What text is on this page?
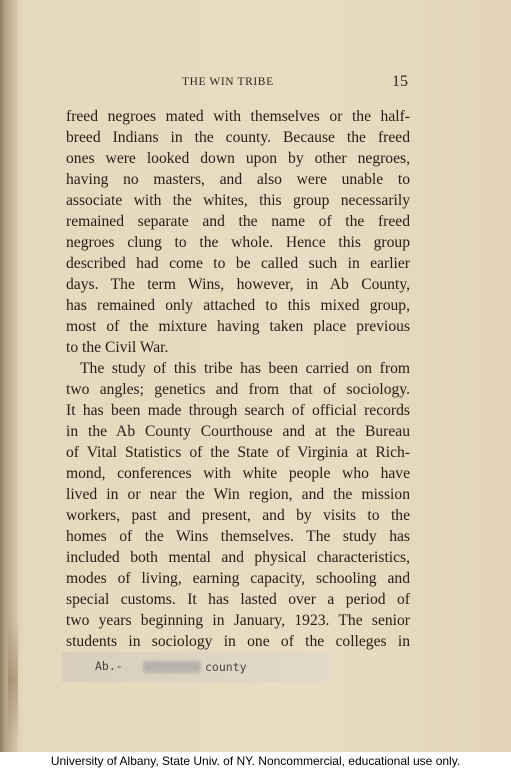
THE WIN TRIBE	15

freed negroes mated with themselves or the half-
breed Indians in the county. Because the freed
ones were looked down upon by other negroes,
having no masters, and also were unable to
associate with the whites, this group necessarily
remained separate and the name of the freed
negroes clung to the whole. Hence this group
described had come to be called such in earlier
days. The term Wins, however, in Ab County,
has remained only attached to this mixed group,
most of the mixture having taken place previous
to the Civil War.

The study of this tribe has been carried on from
two angles; genetics and from that of sociology.
It has been made through search of official records
in the Ab County Courthouse and at the Bureau
of Vital Statistics of the State of Virginia at Rich-
mond, conferences with white people who have
lived in or near the Win region, and the mission
workers, past and present, and by visits to the
homes of the Wins themselves. The study has
included both mental and physical characteristics,
modes of living, earning capacity, schooling and
special customs. It has lasted over a period of
two years beginning in January, 1923. The senior
students in sociology in one of the colleges in

Ab.-	county
University of Albany, State Univ. of NY. Noncommercial, educational use only.
